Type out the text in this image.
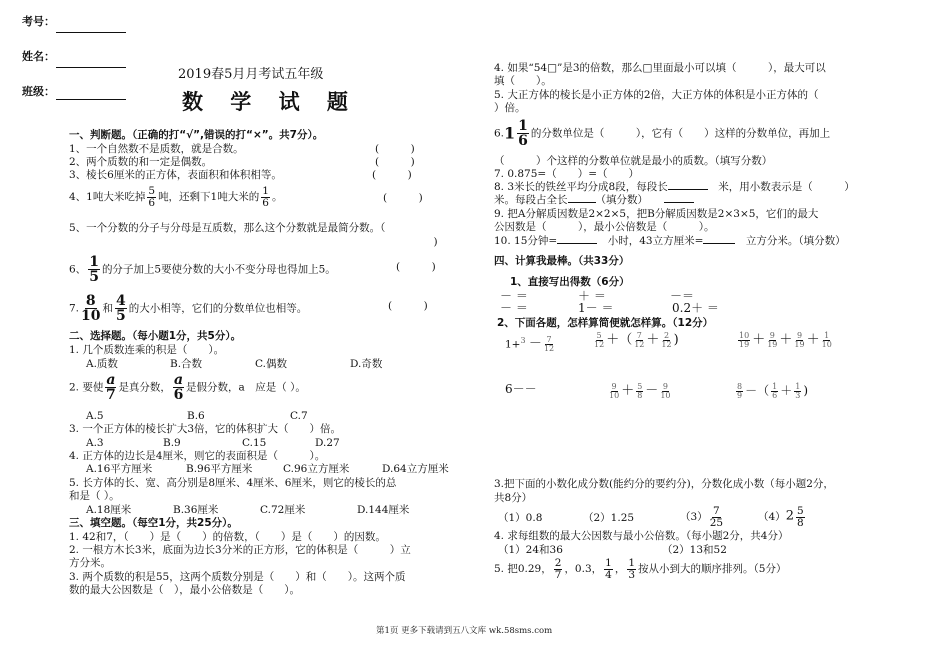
考号：
姓名：
班级：
2019春5月月考试五年级
数 学 试 题
一、判断题。（正确的打“√”,错误的打“×”。共7分）。
1、一个自然数不是质数，就是合数。	(　　　)
2、两个质数的和一定是偶数。	(　　　)
3、棱长6厘米的正方体，表面积和体积相等。	(　　　)
4、1吨大米吃掉 $\frac{5}{6}$ 吨，还剩下1吨大米的 $\frac{1}{6}$ 。	(　　　)
5、一个分数的分子与分母是互质数，那么这个分数就是最简分数。（
　　　　　　　　　　　　　　　　　　　　　　　　　　　)
6、 $\frac{1}{5}$ 的分子加上5要使分数的大小不变分母也得加上5。	(　　　)
7. $\frac{8}{10}$ 和 $\frac{4}{5}$ 的大小相等，它们的分数单位也相等。	(　　　)
二、选择题。（每小题1分，共5分）。
1. 几个质数连乘的积是（　　）。
A.质数	B.合数	C.偶数	D.奇数
2. 要使 $\frac{a}{7}$ 是真分数， $\frac{a}{6}$ 是假分数，a　应是（ ）。
A.5	B.6	C.7
3. 一个正方体的棱长扩大3倍，它的体积扩大（　　）倍。
A.3	B.9	C.15	D.27
4. 正方体的边长是4厘米，则它的表面积是（　　　）。
A.16平方厘米	B.96平方厘米	C.96立方厘米	D.64立方厘米
5. 长方体的长、宽、高分别是8厘米、4厘米、6厘米，则它的棱长的总
和是（ ）。
A.18厘米	B.36厘米	C.72厘米	D.144厘米
三、填空题。（每空1分，共25分）。
1. 42和7，（　　）是（　　）的倍数，（　　）是（　　）的因数。
2. 一根方木长3米，底面为边长3分米的正方形，它的体积是（　　　）立
方分米。
3. 两个质数的积是55，这两个质数分别是（　　）和（　　）。这两个质
数的最大公因数是（　），最小公倍数是（　　）。
4. 如果“54□”是3的倍数，那么□里面最小可以填（　　　），最大可以
填（　　）。
5. 大正方体的棱长是小正方体的2倍，大正方体的体积是小正方体的（
）倍。
$6.1 \frac{1}{6}$ 的分数单位是（　　　），它有（　　）这样的分数单位，再加上
（　　　）个这样的分数单位就是最小的质数。（填写分数）
7. 0.875=（　　）=（　　）
8. 3米长的铁丝平均分成8段，每段长　	米，用小数表示是（　　　）
米。每段占全长	（填分数）　　
9. 把A分解质因数是2×2×5，把B分解质因数是2×3×5，它们的最大
公因数是（　　　），最小公倍数是（　　　）。
10. 15分钟=　	小时，43立方厘米=　	立方分米。（填分数）
四、计算我最棒。（共33分）
1、直接写出得数（6分）
－ ＝	＋ ＝	－＝
－ ＝	1－ ＝	0.2＋ ＝
2、下面各题，怎样算简便就怎样算。（12分）
$1+^3 - \frac{7}{12}$	$\frac{5}{12}$ ＋（ $\frac{7}{12} + \frac{2}{12}$ )	$\frac{10}{19} + \frac{9}{19} + \frac{9}{19} + \frac{1}{10}$
6－－	$\frac{9}{10} + \frac{5}{8} - \frac{9}{10}$	$\frac{8}{9}$ －（ $\frac{1}{6} + \frac{1}{3}$ )
3.把下面的小数化成分数(能约分的要约分)，分数化成小数（每小题2分，
共8分）
（1）0.8	（2）1.25	$(3) \frac{7}{25}$	$(4)2 \frac{5}{8}$
4. 求每组数的最大公因数与最小公倍数。（每小题2分，共4分）
（1）24和36	（2）13和52
5. 把0.29， $\frac{2}{7}$ ，0.3， $\frac{1}{4}$ ， $\frac{1}{3}$ 按从小到大的顺序排列。（5分）
第1页 更多下载请到五八文库 wk.58sms.com
